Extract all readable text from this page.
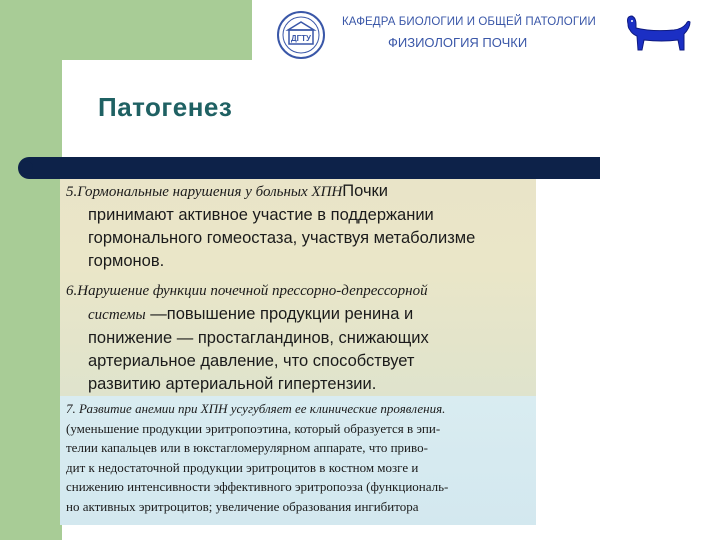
ДГТУ
КАФЕДРА БИОЛОГИИ И ОБЩЕЙ ПАТОЛОГИИ
ФИЗИОЛОГИЯ ПОЧКИ
Патогенез
5.Гормональные нарушения у больных ХПНПочки
принимают активное участие в поддержании
гормонального гомеостаза, участвуя метаболизме
гормонов.
6.Нарушение функции почечной прессорно-депрессорной
системы —повышение продукции ренина и
понижение — простагландинов, снижающих
артериальное давление, что способствует
развитию артериальной гипертензии.
7. Развитие анемии при ХПН усугубляет ее клинические проявления.
(уменьшение продукции эритропоэтина, который образуется в эпи-
телии капальцев или в юкстагломерулярном аппарате, что приво-
дит к недостаточной продукции эритроцитов в костном мозге и
снижению интенсивности эффективного эритропоэза (функциональ-
но активных эритроцитов; увеличение образования ингибитора
